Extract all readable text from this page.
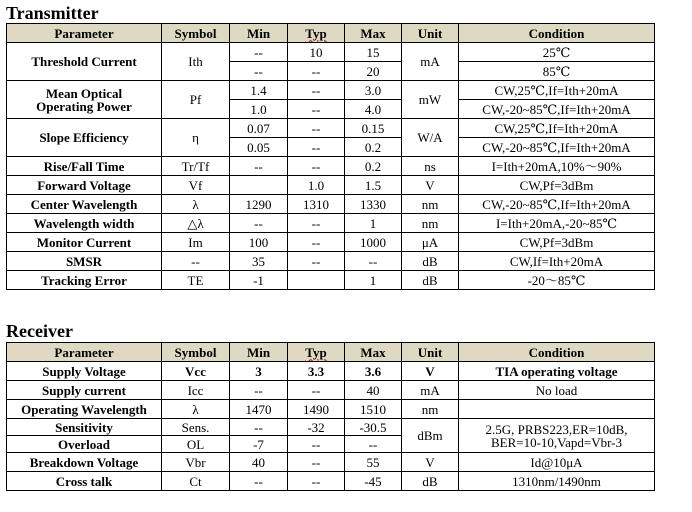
Transmitter
Parameter	Symbol	Min	Typ	Max	Unit	Condition
Threshold Current	Ith	--	10	15	mA	25℃
		--	--	20		85℃
Mean Optical
Operating Power	Pf	1.4	--	3.0	mW	CW,25℃,If=Ith+20mA
		1.0	--	4.0		CW,-20~85℃,If=Ith+20mA
Slope Efficiency	η	0.07	--	0.15	W/A	CW,25℃,If=Ith+20mA
		0.05	--	0.2		CW,-20~85℃,If=Ith+20mA
Rise/Fall Time	Tr/Tf	--	--	0.2	ns	I=Ith+20mA,10%～90%
Forward Voltage	Vf		1.0	1.5	V	CW,Pf=3dBm
Center Wavelength	λ	1290	1310	1330	nm	CW,-20~85℃,If=Ith+20mA
Wavelength width	△λ	--	--	1	nm	I=Ith+20mA,-20~85℃
Monitor Current	Im	100	--	1000	μA	CW,Pf=3dBm
SMSR	--	35	--	--	dB	CW,If=Ith+20mA
Tracking Error	TE	-1		1	dB	-20～85℃
Receiver
Parameter	Symbol	Min	Typ	Max	Unit	Condition
Supply Voltage	Vcc	3	3.3	3.6	V	TIA operating voltage
Supply current	Icc	--	--	40	mA	No load
Operating Wavelength	λ	1470	1490	1510	nm	
Sensitivity	Sens.	--	-32	-30.5	dBm	2.5G, PRBS223,ER=10dB,
BER=10-10,Vapd=Vbr-3
Overload	OL	-7	--	--		
Breakdown Voltage	Vbr	40	--	55	V	Id@10μA
Cross talk	Ct	--	--	-45	dB	1310nm/1490nm
